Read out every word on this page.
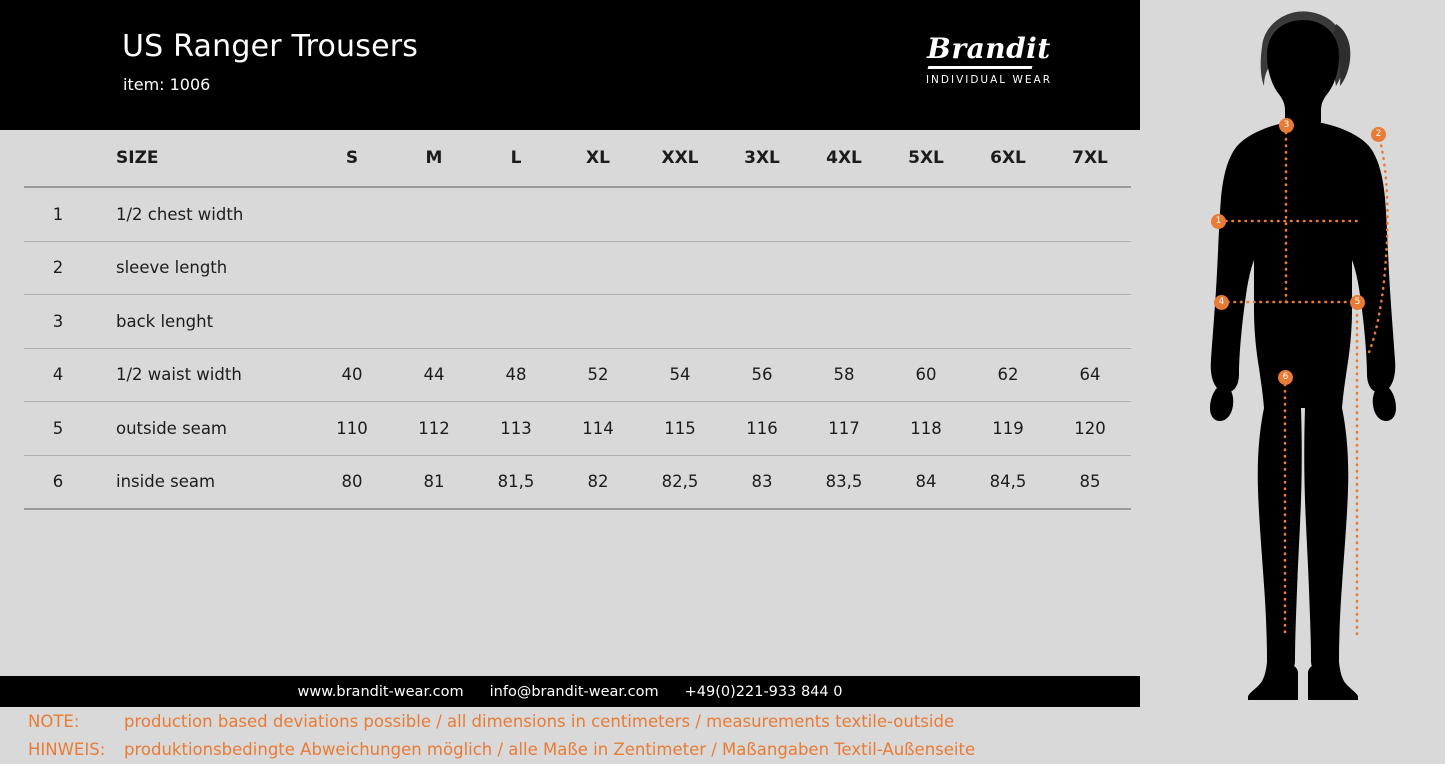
US Ranger Trousers
item: 1006
Brandit
INDIVIDUAL WEAR
	SIZE	S	M	L	XL	XXL	3XL	4XL	5XL	6XL	7XL
1	1/2 chest width										
2	sleeve length										
3	back lenght										
4	1/2 waist width	40	44	48	52	54	56	58	60	62	64
5	outside seam	110	112	113	114	115	116	117	118	119	120
6	inside seam	80	81	81,5	82	82,5	83	83,5	84	84,5	85
NOTE:	production based deviations possible / all dimensions in centimeters / measurements textile-outside
HINWEIS:	produktionsbedingte Abweichungen möglich / alle Maße in Zentimeter / Maßangaben Textil-Außenseite
www.brandit-wear.com info@brandit-wear.com +49(0)221-933 844 0
1
2
3
4	5
6
